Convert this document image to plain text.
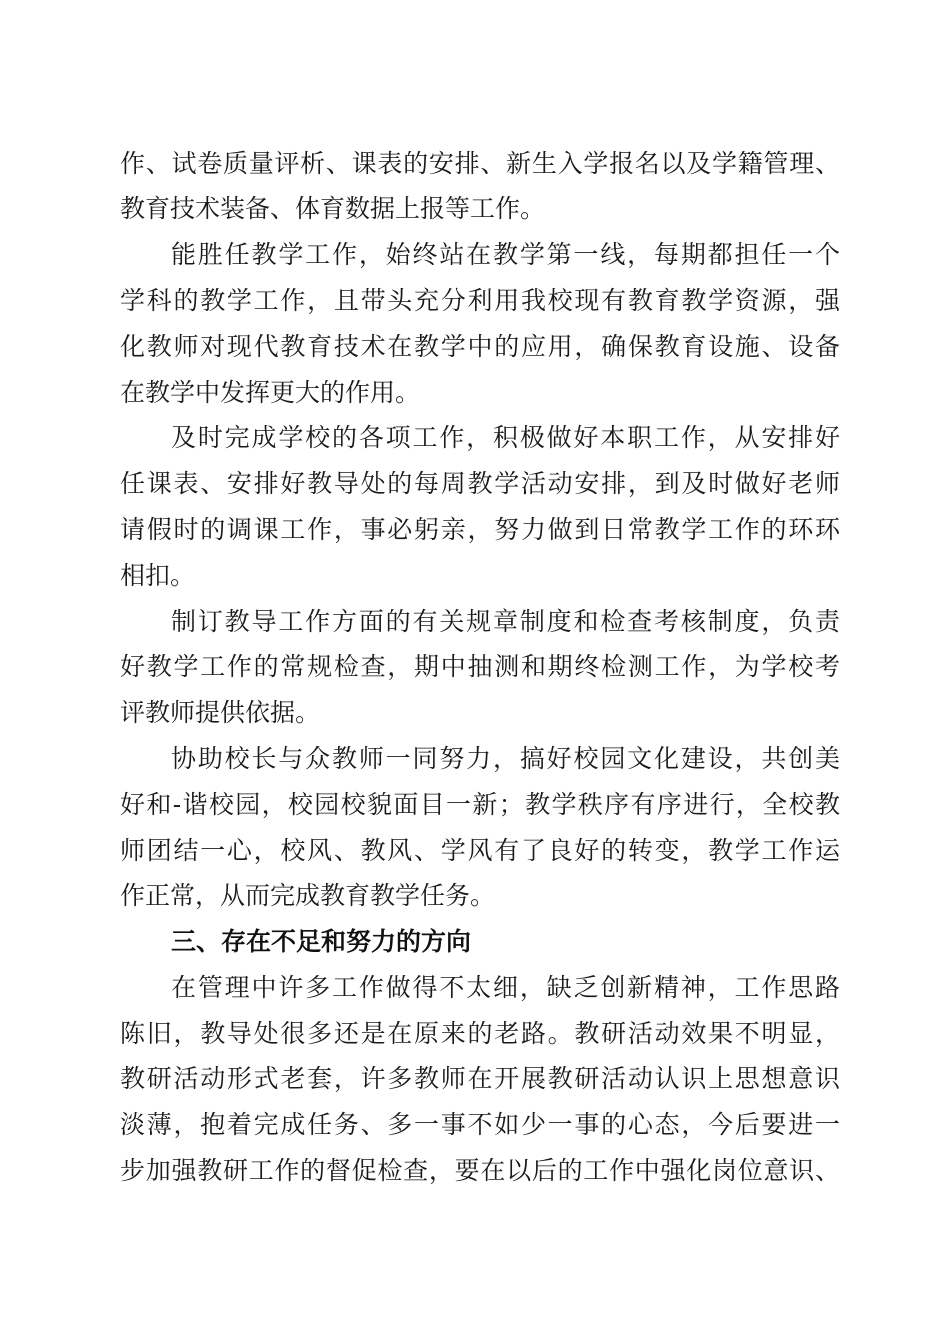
作、试卷质量评析、课表的安排、新生入学报名以及学籍管理、
教育技术装备、体育数据上报等工作。
能胜任教学工作，始终站在教学第一线，每期都担任一个
学科的教学工作，且带头充分利用我校现有教育教学资源，强
化教师对现代教育技术在教学中的应用，确保教育设施、设备
在教学中发挥更大的作用。
及时完成学校的各项工作，积极做好本职工作，从安排好
任课表、安排好教导处的每周教学活动安排，到及时做好老师
请假时的调课工作，事必躬亲，努力做到日常教学工作的环环
相扣。
制订教导工作方面的有关规章制度和检查考核制度，负责
好教学工作的常规检查，期中抽测和期终检测工作，为学校考
评教师提供依据。
协助校长与众教师一同努力，搞好校园文化建设，共创美
好和-谐校园，校园校貌面目一新；教学秩序有序进行，全校教
师团结一心，校风、教风、学风有了良好的转变，教学工作运
作正常，从而完成教育教学任务。
三、存在不足和努力的方向
在管理中许多工作做得不太细，缺乏创新精神，工作思路
陈旧，教导处很多还是在原来的老路。教研活动效果不明显，
教研活动形式老套，许多教师在开展教研活动认识上思想意识
淡薄，抱着完成任务、多一事不如少一事的心态，今后要进一
步加强教研工作的督促检查，要在以后的工作中强化岗位意识、
